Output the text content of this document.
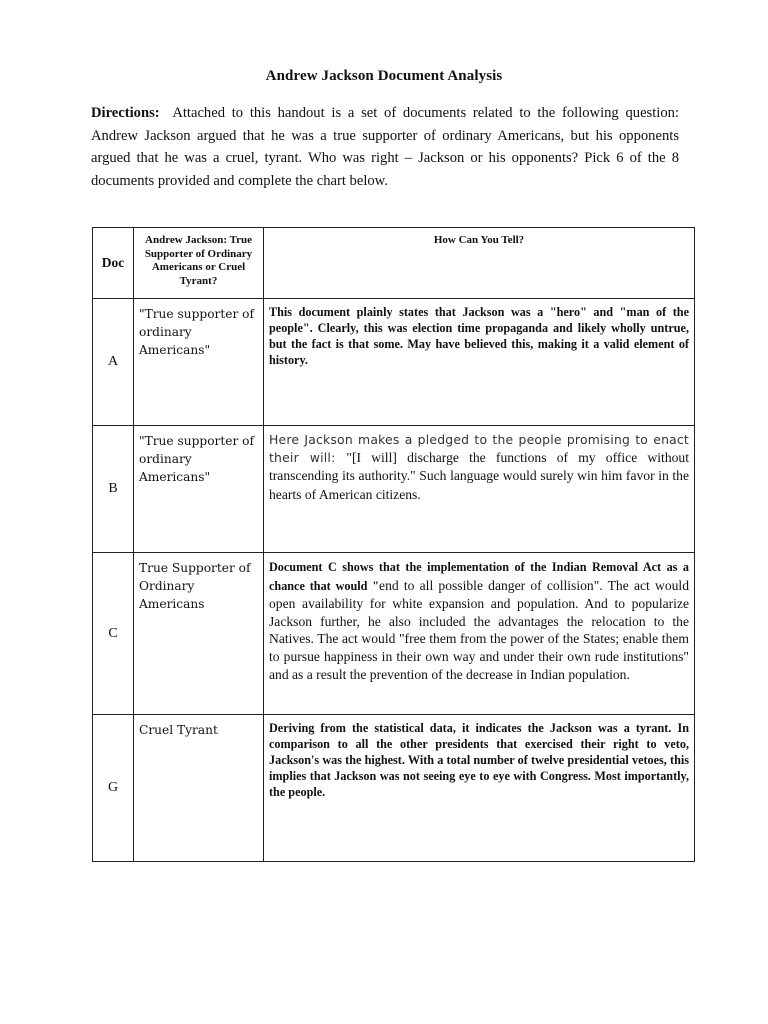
Andrew Jackson Document Analysis
Directions: Attached to this handout is a set of documents related to the following question: Andrew Jackson argued that he was a true supporter of ordinary Americans, but his opponents argued that he was a cruel, tyrant. Who was right – Jackson or his opponents? Pick 6 of the 8 documents provided and complete the chart below.
Doc	Andrew Jackson: True Supporter of Ordinary Americans or Cruel Tyrant?	How Can You Tell?
A	"True supporter of ordinary Americans"	This document plainly states that Jackson was a "hero" and "man of the people". Clearly, this was election time propaganda and likely wholly untrue, but the fact is that some. May have believed this, making it a valid element of history.
B	"True supporter of ordinary Americans"	Here Jackson makes a pledged to the people promising to enact their will: "[I will] discharge the functions of my office without transcending its authority." Such language would surely win him favor in the hearts of American citizens.
C	True Supporter of Ordinary Americans	Document C shows that the implementation of the Indian Removal Act as a chance that would "end to all possible danger of collision". The act would open availability for white expansion and population. And to popularize Jackson further, he also included the advantages the relocation to the Natives. The act would "free them from the power of the States; enable them to pursue happiness in their own way and under their own rude institutions" and as a result the prevention of the decrease in Indian population.
G	Cruel Tyrant	Deriving from the statistical data, it indicates the Jackson was a tyrant. In comparison to all the other presidents that exercised their right to veto, Jackson's was the highest. With a total number of twelve presidential vetoes, this implies that Jackson was not seeing eye to eye with Congress. Most importantly, the people.
